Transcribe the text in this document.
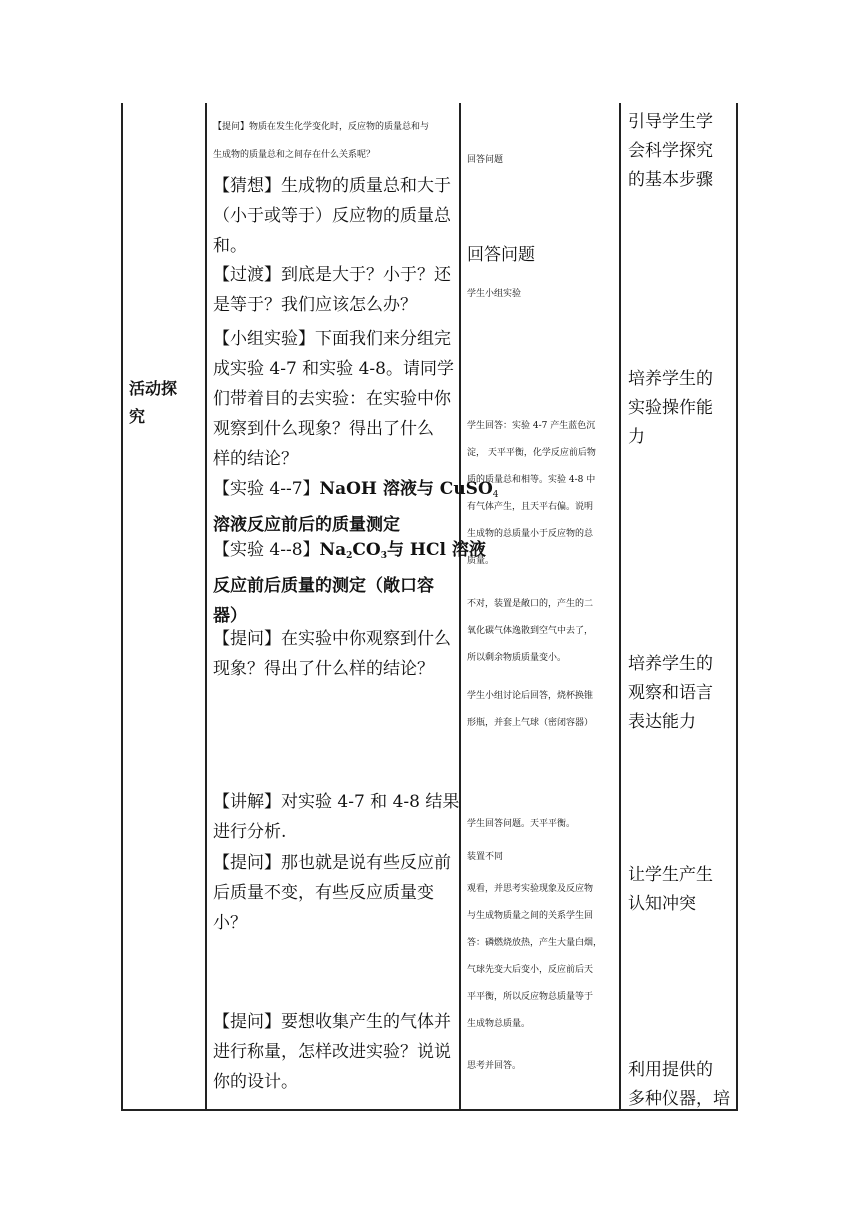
活动探
究
【提问】物质在发生化学变化时，反应物的质量总和与
生成物的质量总和之间存在什么关系呢？
【猜想】生成物的质量总和大于
（小于或等于）反应物的质量总
和。
【过渡】到底是大于？小于？还
是等于？我们应该怎么办？
【小组实验】下面我们来分组完
成实验 4-7 和实验 4-8。请同学
们带着目的去实验：在实验中你
观察到什么现象？得出了什么
样的结论？
【实验 4--7】NaOH 溶液与 CuSO$_4$
溶液反应前后的质量测定
【实验 4--8】$Na_2CO_3$与 HCl 溶液
反应前后质量的测定（敞口容
器）
【提问】在实验中你观察到什么
现象？得出了什么样的结论？
【讲解】对实验 4-7 和 4-8 结果
进行分析.
【提问】那也就是说有些反应前
后质量不变，有些反应质量变
小？
【提问】要想收集产生的气体并
进行称量，怎样改进实验？说说
你的设计。
回答问题
回答问题
学生小组实验
学生回答：实验 4-7 产生蓝色沉
淀， 天平平衡，化学反应前后物
质的质量总和相等。实验 4-8 中
有气体产生，且天平右偏。说明
生成物的总质量小于反应物的总
质量。
不对，装置是敞口的，产生的二
氧化碳气体逸散到空气中去了，
所以剩余物质质量变小。
学生小组讨论后回答，烧杯换锥
形瓶，并套上气球（密闭容器）
学生回答问题。天平平衡。
装置不同
观看，并思考实验现象及反应物
与生成物质量之间的关系学生回
答：磷燃烧放热，产生大量白烟，
气球先变大后变小，反应前后天
平平衡，所以反应物总质量等于
生成物总质量。
思考并回答。
引导学生学
会科学探究
的基本步骤
培养学生的
实验操作能
力
培养学生的
观察和语言
表达能力
让学生产生
认知冲突
利用提供的
多种仪器，培
